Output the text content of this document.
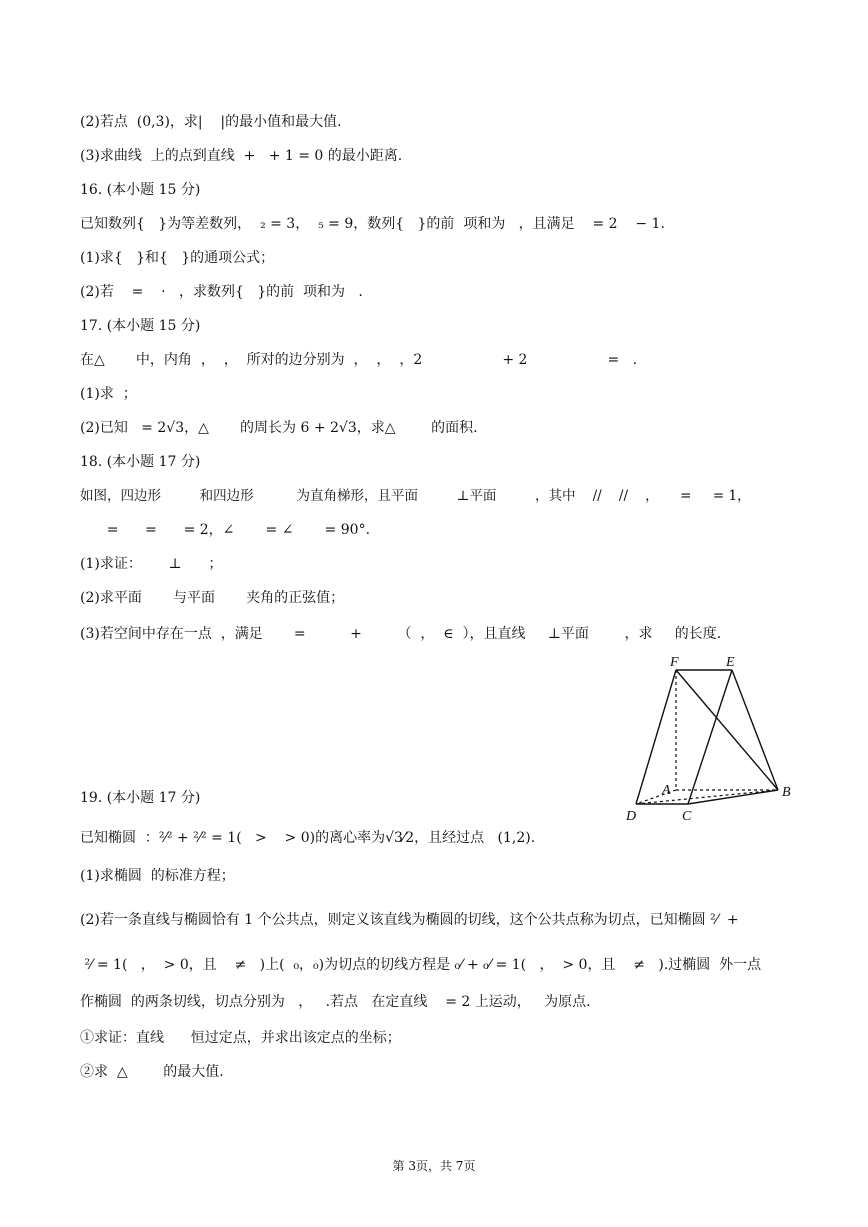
(2)若点  (0,3)，求|    |的最小值和最大值.
(3)求曲线  上的点到直线  +   + 1 = 0 的最小距离.
16. (本小题 15 分)
已知数列{   }为等差数列，  ₂ = 3，  ₅ = 9，数列{   }的前  项和为   ，且满足    = 2    − 1.
(1)求{   }和{   }的通项公式；
(2)若    =    ·   ，求数列{   }的前  项和为   .
17. (本小题 15 分)
在△       中，内角  ，  ，  所对的边分别为  ，  ，  ，2                  + 2                  =   .
(1)求  ；
(2)已知   = 2√3，△       的周长为 6 + 2√3，求△        的面积.
18. (本小题 17 分)
如图，四边形         和四边形          为直角梯形，且平面         ⊥平面         ，其中    //    //    ，     =     = 1，
=      =      = 2，∠       = ∠       = 90°.
(1)求证：      ⊥      ；
(2)求平面       与平面       夹角的正弦值；
(3)若空间中存在一点  ，满足       =          +        （  ，  ∈  ），且直线     ⊥平面        ，求     的长度.
19. (本小题 17 分)
已知椭圆  ：²⁄² + ²⁄² = 1(   >    > 0)的离心率为√3⁄2，且经过点   (1,2).
(1)求椭圆  的标准方程；
(2)若一条直线与椭圆恰有 1 个公共点，则定义该直线为椭圆的切线，这个公共点称为切点，已知椭圆 ²⁄  +
²⁄ = 1(   ，  > 0，且    ≠   )上(  ₀，₀)为切点的切线方程是 ₀⁄ + ₀⁄ = 1(   ，  > 0，且    ≠   ).过椭圆  外一点
作椭圆  的两条切线，切点分别为   ，   .若点   在定直线    = 2 上运动，   为原点.
①求证：直线      恒过定点，并求出该定点的坐标；
②求  △        的最大值.
F	E
A	B
D	C
第 3页，共 7页
